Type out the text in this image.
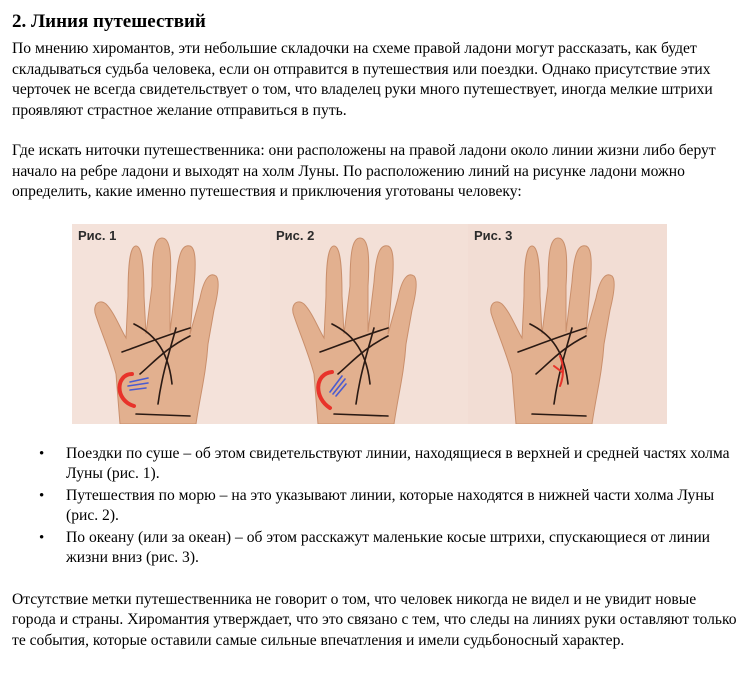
2. Линия путешествий

По мнению хиромантов, эти небольшие складочки на схеме правой ладони могут рассказать, как будет складываться судьба человека, если он отправится в путешествия или поездки. Однако присутствие этих черточек не всегда свидетельствует о том, что владелец руки много путешествует, иногда мелкие штрихи проявляют страстное желание отправиться в путь.

Где искать ниточки путешественника: они расположены на правой ладони около линии жизни либо берут начало на ребре ладони и выходят на холм Луны. По расположению линий на рисунке ладони можно определить, какие именно путешествия и приключения уготованы человеку:

Рис. 1	Рис. 2	Рис. 3
• Поездки по суше – об этом свидетельствуют линии, находящиеся в верхней и средней частях холма Луны (рис. 1).
• Путешествия по морю – на это указывают линии, которые находятся в нижней части холма Луны (рис. 2).
• По океану (или за океан) – об этом расскажут маленькие косые штрихи, спускающиеся от линии жизни вниз (рис. 3).

Отсутствие метки путешественника не говорит о том, что человек никогда не видел и не увидит новые города и страны. Хиромантия утверждает, что это связано с тем, что следы на линиях руки оставляют только те события, которые оставили самые сильные впечатления и имели судьбоносный характер.
